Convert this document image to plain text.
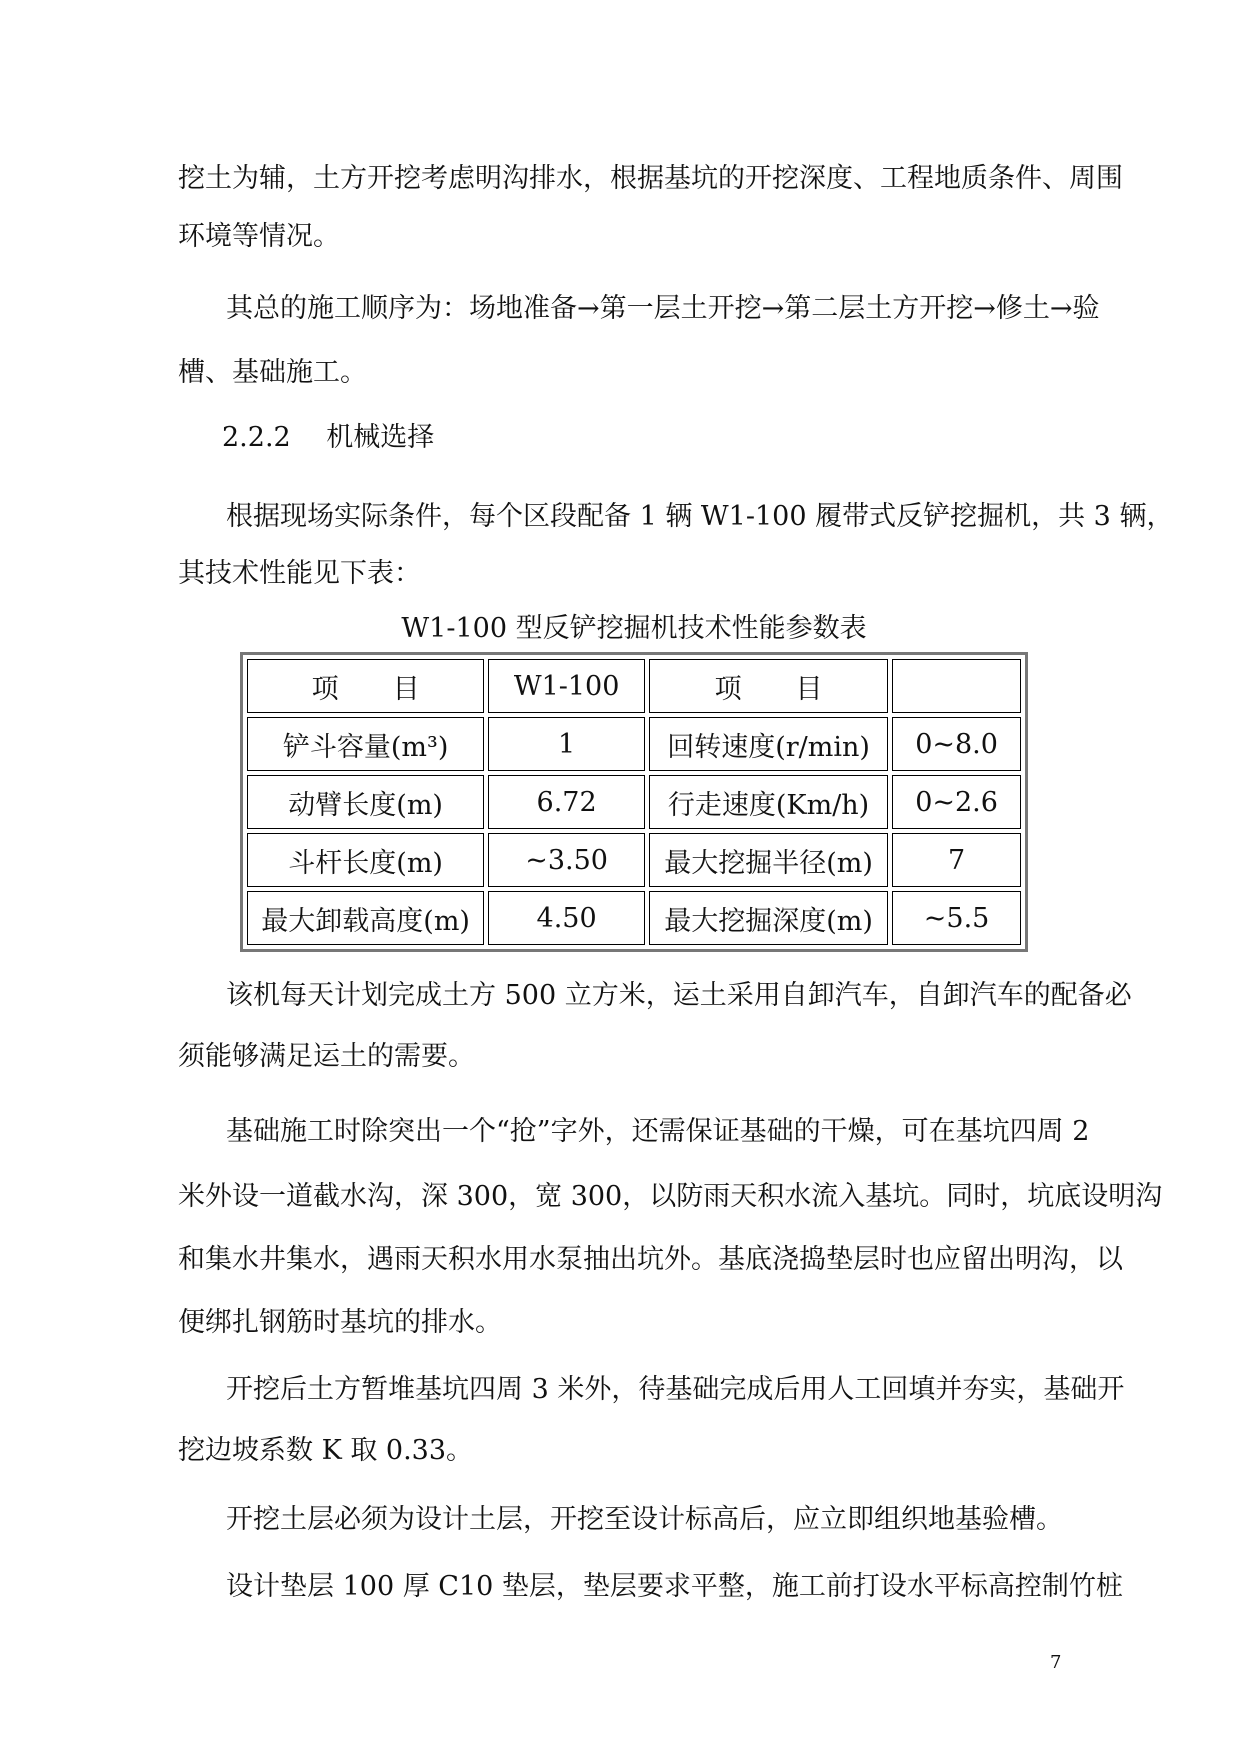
挖土为辅，土方开挖考虑明沟排水，根据基坑的开挖深度、工程地质条件、周围
环境等情况。
其总的施工顺序为：场地准备→第一层土开挖→第二层土方开挖→修土→验
槽、基础施工。
2.2.2　 机械选择
根据现场实际条件，每个区段配备 1 辆 W1-100 履带式反铲挖掘机，共 3 辆，
其技术性能见下表：
W1-100 型反铲挖掘机技术性能参数表
项　　目	W1-100	项　　目	
铲斗容量(m³)	1	回转速度(r/min)	0~8.0
动臂长度(m)	6.72	行走速度(Km/h)	0~2.6
斗杆长度(m)	~3.50	最大挖掘半径(m)	7
最大卸载高度(m)	4.50	最大挖掘深度(m)	~5.5
该机每天计划完成土方 500 立方米，运土采用自卸汽车，自卸汽车的配备必
须能够满足运土的需要。
基础施工时除突出一个“抢”字外，还需保证基础的干燥，可在基坑四周 2
米外设一道截水沟，深 300，宽 300，以防雨天积水流入基坑。同时，坑底设明沟
和集水井集水，遇雨天积水用水泵抽出坑外。基底浇捣垫层时也应留出明沟，以
便绑扎钢筋时基坑的排水。
开挖后土方暂堆基坑四周 3 米外，待基础完成后用人工回填并夯实，基础开
挖边坡系数 K 取 0.33。
开挖土层必须为设计土层，开挖至设计标高后，应立即组织地基验槽。
设计垫层 100 厚 C10 垫层，垫层要求平整，施工前打设水平标高控制竹桩
7
